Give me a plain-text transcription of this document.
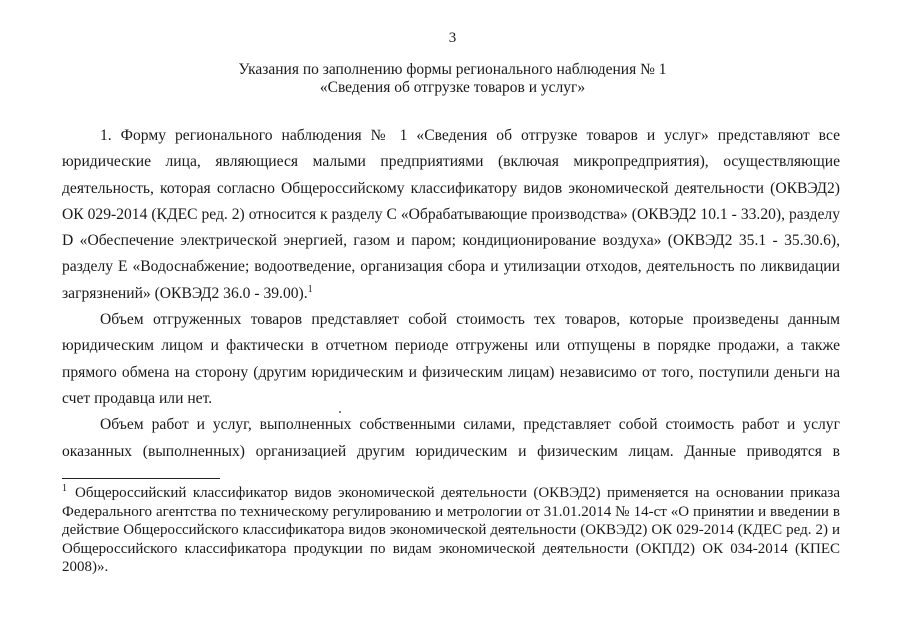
3
Указания по заполнению формы регионального наблюдения № 1
«Сведения об отгрузке товаров и услуг»

1. Форму регионального наблюдения № 1 «Сведения об отгрузке товаров и услуг» представляют все юридические лица, являющиеся малыми предприятиями (включая микропредприятия), осуществляющие деятельность, которая согласно Общероссийскому классификатору видов экономической деятельности (ОКВЭД2) ОК 029-2014 (КДЕС ред. 2) относится к разделу С «Обрабатывающие производства» (ОКВЭД2 10.1 - 33.20), разделу D «Обеспечение электрической энергией, газом и паром; кондиционирование воздуха» (ОКВЭД2 35.1 - 35.30.6), разделу E «Водоснабжение; водоотведение, организация сбора и утилизации отходов, деятельность по ликвидации загрязнений» (ОКВЭД2 36.0 - 39.00).$^1$

Объем отгруженных товаров представляет собой стоимость тех товаров, которые произведены данным юридическим лицом и фактически в отчетном периоде отгружены или отпущены в порядке продажи, а также прямого обмена на сторону (другим юридическим и физическим лицам) независимо от того, поступили деньги на счет продавца или нет.

Объем работ и услуг, выполненных собственными силами, представляет собой стоимость работ и услуг оказанных (выполненных) организацией другим юридическим и физическим лицам. Данные приводятся в

$^1$ Общероссийский классификатор видов экономической деятельности (ОКВЭД2) применяется на основании приказа Федерального агентства по техническому регулированию и метрологии от 31.01.2014 № 14-ст «О принятии и введении в действие Общероссийского классификатора видов экономической деятельности (ОКВЭД2) ОК 029-2014 (КДЕС ред. 2) и Общероссийского классификатора продукции по видам экономической деятельности (ОКПД2) ОК 034-2014 (КПЕС 2008)».
